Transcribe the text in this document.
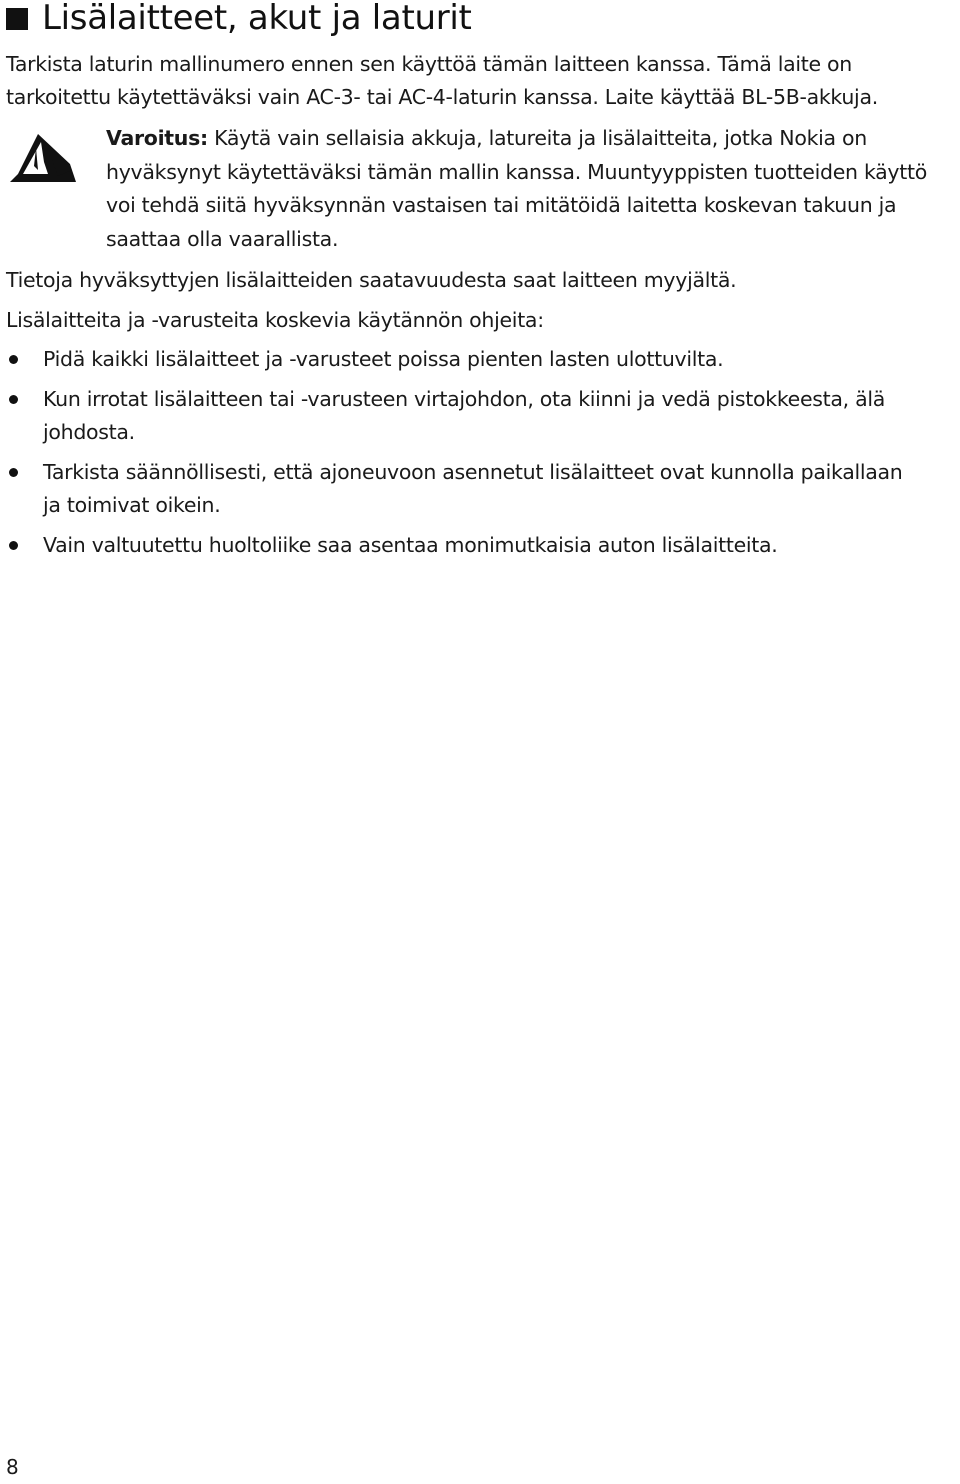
Lisälaitteet, akut ja laturit
Tarkista laturin mallinumero ennen sen käyttöä tämän laitteen kanssa. Tämä laite on
tarkoitettu käytettäväksi vain AC-3- tai AC-4-laturin kanssa. Laite käyttää BL-5B-akkuja.
Varoitus: Käytä vain sellaisia akkuja, latureita ja lisälaitteita, jotka Nokia on
hyväksynyt käytettäväksi tämän mallin kanssa. Muuntyyppisten tuotteiden käyttö
voi tehdä siitä hyväksynnän vastaisen tai mitätöidä laitetta koskevan takuun ja
saattaa olla vaarallista.
Tietoja hyväksyttyjen lisälaitteiden saatavuudesta saat laitteen myyjältä.
Lisälaitteita ja -varusteita koskevia käytännön ohjeita:
Pidä kaikki lisälaitteet ja -varusteet poissa pienten lasten ulottuvilta.
Kun irrotat lisälaitteen tai -varusteen virtajohdon, ota kiinni ja vedä pistokkeesta, älä
johdosta.
Tarkista säännöllisesti, että ajoneuvoon asennetut lisälaitteet ovat kunnolla paikallaan
ja toimivat oikein.
Vain valtuutettu huoltoliike saa asentaa monimutkaisia auton lisälaitteita.
8
